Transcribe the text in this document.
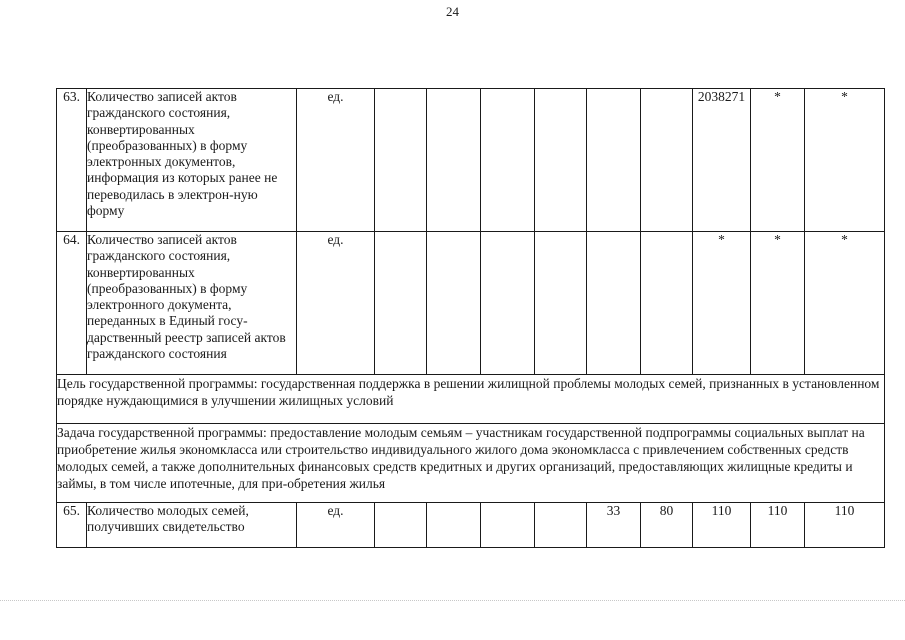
24
63.	Количество записей актов гражданского состояния, конвертированных (преобразованных) в форму электронных документов, информация из которых ранее не переводилась в электрон-ную форму	ед.							2038271	*	*
64.	Количество записей актов гражданского состояния, конвертированных (преобразованных) в форму электронного документа, переданных в Единый госу-дарственный реестр записей актов гражданского состояния	ед.							*	*	*
Цель государственной программы: государственная поддержка в решении жилищной проблемы молодых семей, признанных в установленном порядке нуждающимися в улучшении жилищных условий											
Задача государственной программы: предоставление молодым семьям – участникам государственной подпрограммы социальных выплат на приобретение жилья экономкласса или строительство индивидуального жилого дома экономкласса с привлечением собственных средств молодых семей, а также дополнительных финансовых средств кредитных и других организаций, предоставляющих жилищные кредиты и займы, в том числе ипотечные, для при-обретения жилья											
65.	Количество молодых семей, получивших свидетельство	ед.					33	80	110	110	110
